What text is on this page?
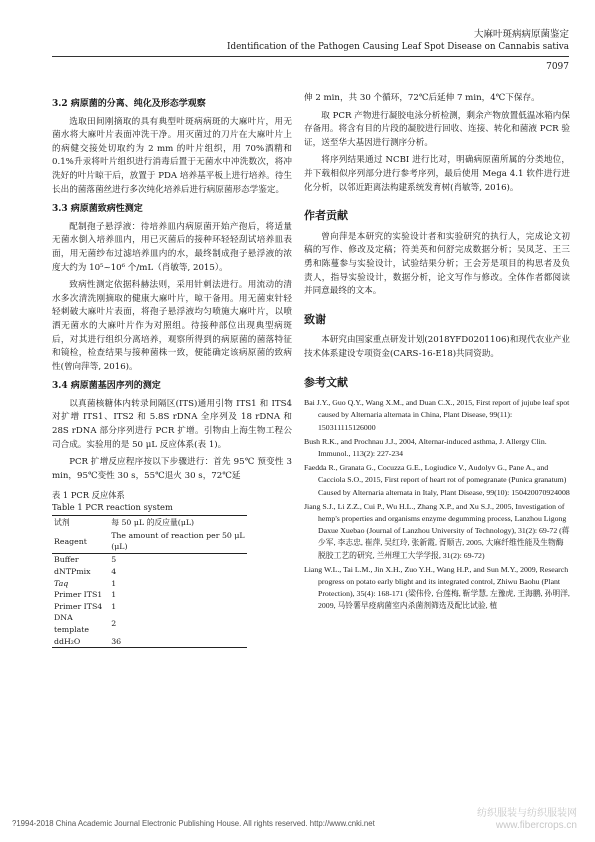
大麻叶斑病病原菌鉴定
Identification of the Pathogen Causing Leaf Spot Disease on Cannabis sativa
7097
3.2 病原菌的分离、纯化及形态学观察

选取田间刚摘取的具有典型叶斑病病斑的大麻叶片，用无菌水将大麻叶片表面冲洗干净。用灭菌过的刀片在大麻叶片上的病健交接处切取约为 2 mm 的叶片组织，用 70%酒精和 0.1%升汞将叶片组织进行消毒后置于无菌水中冲洗数次，将冲洗好的叶片晾干后，放置于 PDA 培养基平板上进行培养。待生长出的菌落菌丝进行多次纯化培养后进行病原菌形态学鉴定。

3.3 病原菌致病性测定

配制孢子悬浮液：待培养皿内病原菌开始产孢后，将适量无菌水倒入培养皿内，用已灭菌后的接种环轻轻刮试培养皿表面，用无菌纱布过滤培养皿内的水，最终制成孢子悬浮液的浓度大约为 10⁵~10⁶ 个/mL（肖敏等, 2015）。

致病性测定依据科赫法则，采用针刺法进行。用流动的清水多次清洗刚摘取的健康大麻叶片，晾干备用。用无菌束针轻轻刺破大麻叶片表面，将孢子悬浮液均匀喷施大麻叶片，以喷洒无菌水的大麻叶片作为对照组。待接种部位出现典型病斑后，对其进行组织分离培养，观察所得到的病原菌的菌落特征和镜检，检查结果与接种菌株一致，便能确定该病原菌的致病性(曾向萍等, 2016)。

3.4 病原菌基因序列的测定

以真菌核糖体内转录间隔区(ITS)通用引物 ITS1 和 ITS4 对扩增 ITS1、ITS2 和 5.8S rDNA 全序列及 18 rDNA 和 28S rDNA 部分序列进行 PCR 扩增。引物由上海生物工程公司合成。实验用的是 50 μL 反应体系(表 1)。

PCR 扩增反应程序按以下步骤进行：首先 95℃ 预变性 3 min，95℃变性 30 s，55℃退火 30 s，72℃延

表 1 PCR 反应体系
Table 1 PCR reaction system
试剂	每 50 μL 的反应量(μL)
Reagent	The amount of reaction per 50 μL (μL)
Buffer	5
dNTPmix	4
Taq	1
Primer ITS1	1
Primer ITS4	1
DNA template	2
ddH₂O	36

伸 2 min，共 30 个循环，72℃后延伸 7 min，4℃下保存。

取 PCR 产物进行凝胶电泳分析检测，剩余产物放置低温冰箱内保存备用。将含有目的片段的凝胶进行回收、连接、转化和菌液 PCR 验证，送至华大基因进行测序分析。

将序列结果通过 NCBI 进行比对，明确病原菌所属的分类地位，并下载相似序列部分进行参考序列，最后使用 Mega 4.1 软件进行进化分析，以邻近距离法构建系统发育树(肖敏等, 2016)。

作者贡献

曾向萍是本研究的实验设计者和实验研究的执行人，完成论文初稿的写作、修改及定稿；符美英和何舒完成数据分析；吴凤芝、王三勇和陈蔓参与实验设计，试验结果分析；王会芳是项目的构思者及负责人，指导实验设计，数据分析，论文写作与修改。全体作者都阅读并同意最终的文本。

致谢

本研究由国家重点研发计划(2018YFD0201106)和现代农业产业技术体系建设专项资金(CARS-16-E18)共同资助。

参考文献
Bai J.Y., Guo Q.Y., Wang X.M., and Duan C.X., 2015, First report of jujube leaf spot caused by Alternaria alternata in China, Plant Disease, 99(11): 150311115126000
Bush R.K., and Prochnau J.J., 2004, Alternar-induced asthma, J. Allergy Clin. Immunol., 113(2): 227-234
Faedda R., Granata G., Cocuzza G.E., Logiudice V., Audolyv G., Pane A., and Cacciola S.O., 2015, First report of heart rot of pomegranate (Punica granatum) Caused by Alternaria alternata in Italy, Plant Disease, 99(10): 150420070924008
Jiang S.J., Li Z.Z., Cui P., Wu H.L., Zhang X.P., and Xu S.J., 2005, Investigation of hemp's properties and organisms enzyme degumming process, Lanzhou Ligong Daxue Xuebao (Journal of Lanzhou University of Technology), 31(2): 69-72 (蒋少军, 李志忠, 崔萍, 吴红玲, 张新霞, 胥顺吉, 2005, 大麻纤维性能及生物酶脱胶工艺的研究, 兰州理工大学学报, 31(2): 69-72)
Liang W.L., Tai L.M., Jin X.H., Zuo Y.H., Wang H.P., and Sun M.Y., 2009, Research progress on potato early blight and its integrated control, Zhiwu Baohu (Plant Protection), 35(4): 168-171 (梁伟伶, 台莲梅, 靳学慧, 左豫虎, 王海鹏, 孙明洋, 2009, 马铃薯早疫病菌室内杀菌剂筛选及配比试验, 植
?1994-2018 China Academic Journal Electronic Publishing House. All rights reserved. http://www.cnki.net
纺织服装与纺织服装网
www.fibercrops.cn
